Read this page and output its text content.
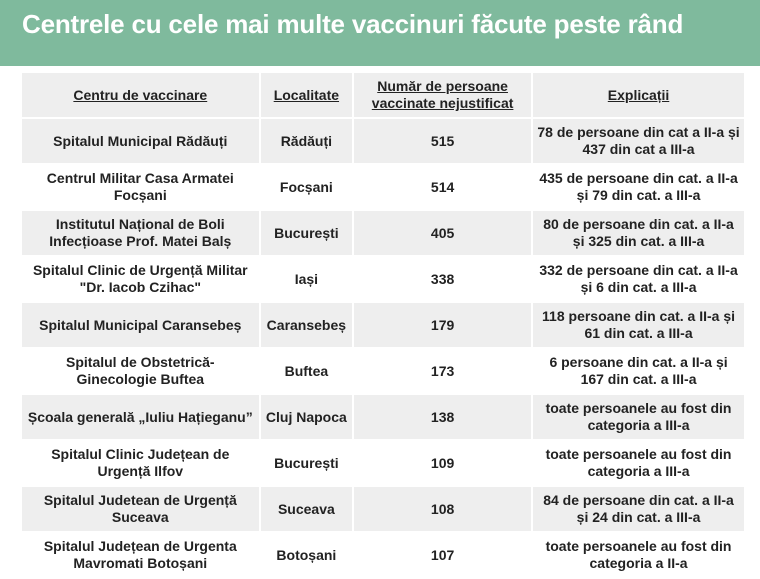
Centrele cu cele mai multe vaccinuri făcute peste rând
Centru de vaccinare	Localitate	Număr de persoane vaccinate nejustificat	Explicații
Spitalul Municipal Rădăuți	Rădăuți	515	78 de persoane din cat a II-a și 437 din cat a III-a
Centrul Militar Casa Armatei Focșani	Focșani	514	435 de persoane din cat. a II-a și 79 din cat. a III-a
Institutul Național de Boli Infecțioase Prof. Matei Balș	București	405	80 de persoane din cat. a II-a și 325 din cat. a III-a
Spitalul Clinic de Urgență Militar "Dr. Iacob Czihac"	Iași	338	332 de persoane din cat. a II-a și 6 din cat. a III-a
Spitalul Municipal Caransebeș	Caransebeș	179	118 persoane din cat. a II-a și 61 din cat. a III-a
Spitalul de Obstetrică-Ginecologie Buftea	Buftea	173	6 persoane din cat. a II-a și 167 din cat. a III-a
Școala generală „Iuliu Hațieganu”	Cluj Napoca	138	toate persoanele au fost din categoria a III-a
Spitalul Clinic Județean de Urgență Ilfov	București	109	toate persoanele au fost din categoria a III-a
Spitalul Judetean de Urgență Suceava	Suceava	108	84 de persoane din cat. a II-a și 24 din cat. a III-a
Spitalul Județean de Urgenta Mavromati Botoșani	Botoșani	107	toate persoanele au fost din categoria a II-a
